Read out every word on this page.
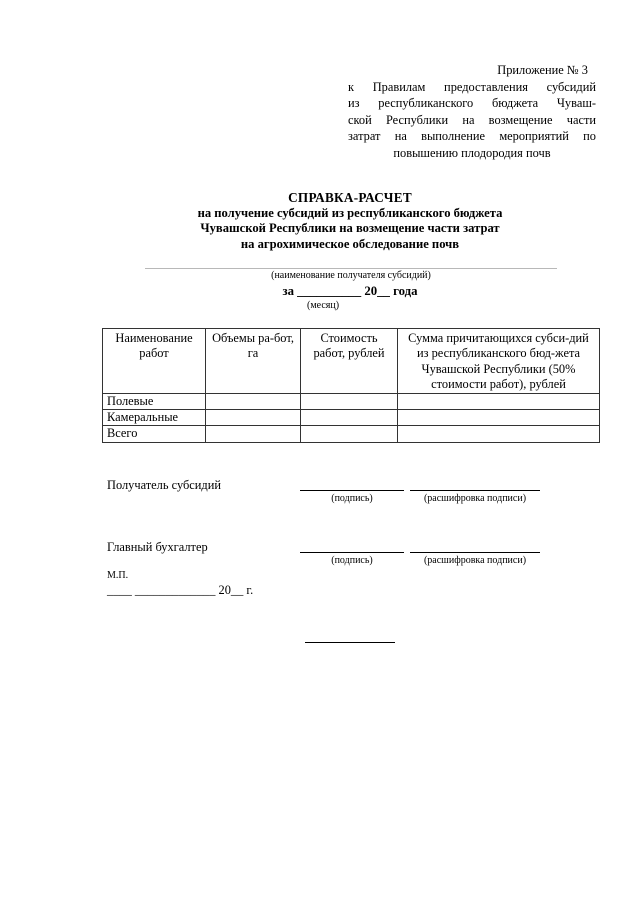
Приложение № 3
к Правилам предоставления субсидий
из республиканского бюджета Чуваш-
ской Республики на возмещение части
затрат на выполнение мероприятий по
повышению плодородия почв
СПРАВКА-РАСЧЕТ
на получение субсидий из республиканского бюджета
Чувашской Республики на возмещение части затрат
на агрохимическое обследование почв
(наименование получателя субсидий)
за __________ 20__ года
(месяц)
Наименование работ	Объемы ра-бот, га	Стоимость работ, рублей	Сумма причитающихся субси-дий из республиканского бюд-жета Чувашской Республики (50% стоимости работ), рублей
Полевые			
Камеральные			
Всего			
Получатель субсидий
(подпись)	(расшифровка подписи)
Главный бухгалтер
(подпись)	(расшифровка подписи)
М.П.
____ _____________ 20__ г.
